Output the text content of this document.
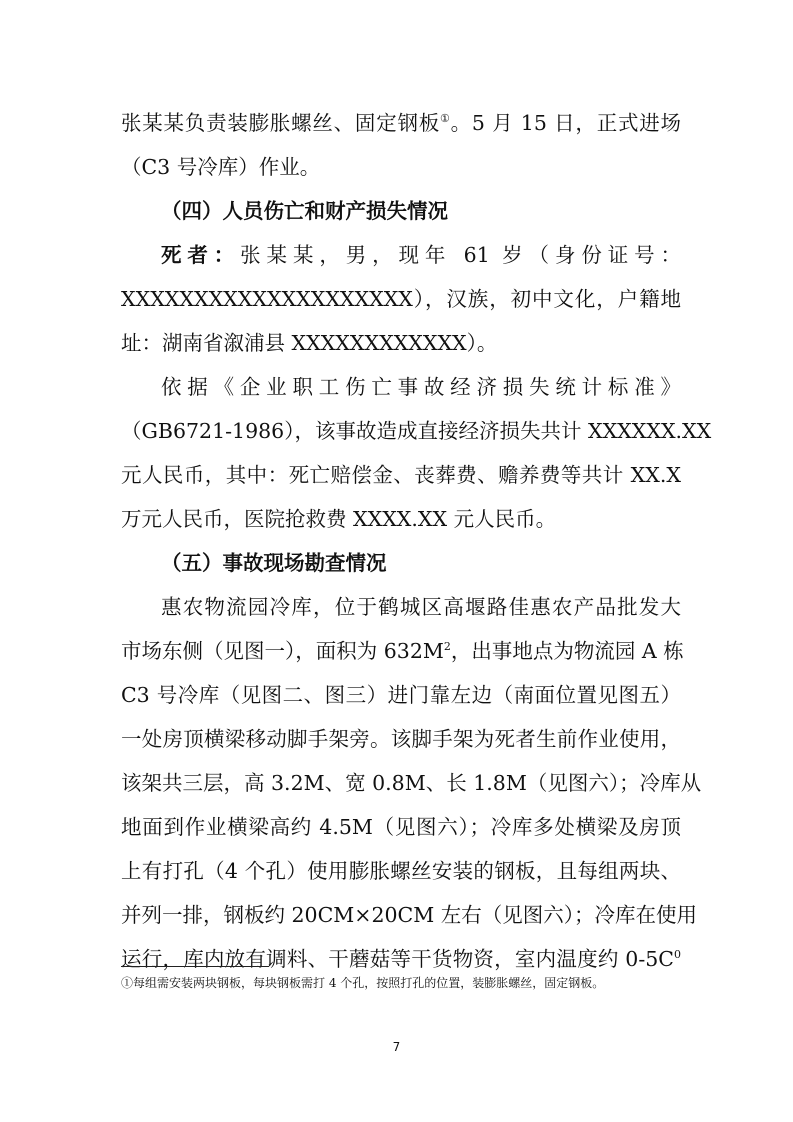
张某某负责装膨胀螺丝、固定钢板①。5 月 15 日，正式进场
（C3 号冷库）作业。
（四）人员伤亡和财产损失情况
死者：张某某，男，现年 61 岁（身份证号：
XXXXXXXXXXXXXXXXXXXX），汉族，初中文化，户籍地
址：湖南省溆浦县 XXXXXXXXXXXX）。
依据《企业职工伤亡事故经济损失统计标准》
（GB6721-1986），该事故造成直接经济损失共计 XXXXXX.XX
元人民币，其中：死亡赔偿金、丧葬费、赡养费等共计 XX.X
万元人民币，医院抢救费 XXXX.XX 元人民币。
（五）事故现场勘查情况
惠农物流园冷库，位于鹤城区高堰路佳惠农产品批发大
市场东侧（见图一），面积为 $632M^2$，出事地点为物流园 A 栋
C3 号冷库（见图二、图三）进门靠左边（南面位置见图五）
一处房顶横梁移动脚手架旁。该脚手架为死者生前作业使用，
该架共三层，高 3.2M、宽 0.8M、长 1.8M（见图六）；冷库从
地面到作业横梁高约 4.5M（见图六）；冷库多处横梁及房顶
上有打孔（4 个孔）使用膨胀螺丝安装的钢板，且每组两块、
并列一排，钢板约 20CM×20CM 左右（见图六）；冷库在使用
运行，库内放有调料、干蘑菇等干货物资，室内温度约 $0-5C^0$
①每组需安装两块钢板，每块钢板需打 4 个孔，按照打孔的位置，装膨胀螺丝，固定钢板。
7
